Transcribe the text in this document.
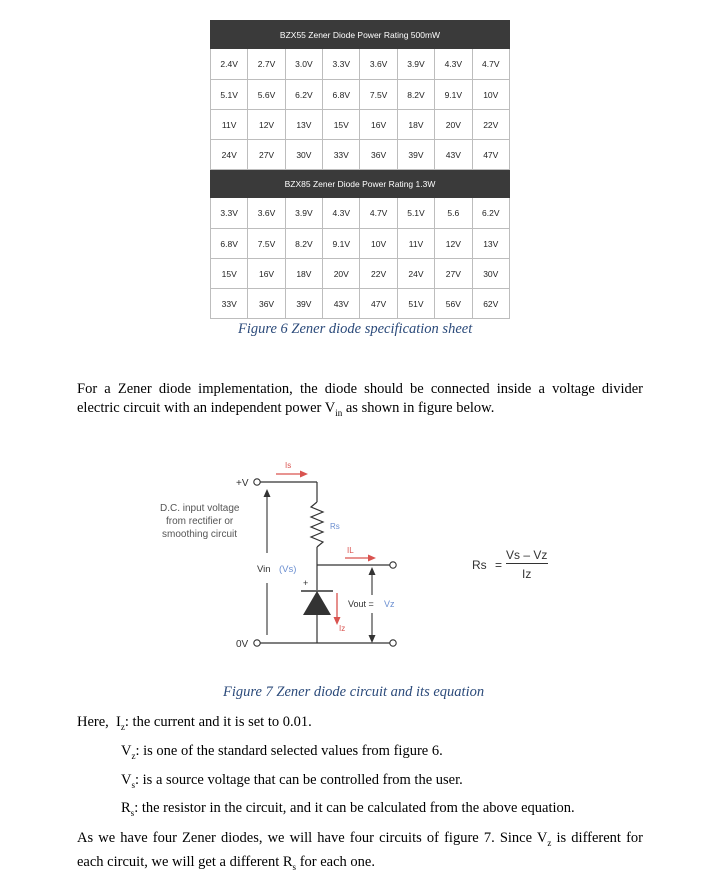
BZX55 Zener Diode Power Rating 500mW							
2.4V	2.7V	3.0V	3.3V	3.6V	3.9V	4.3V	4.7V
5.1V	5.6V	6.2V	6.8V	7.5V	8.2V	9.1V	10V
11V	12V	13V	15V	16V	18V	20V	22V
24V	27V	30V	33V	36V	39V	43V	47V
BZX85 Zener Diode Power Rating 1.3W							
3.3V	3.6V	3.9V	4.3V	4.7V	5.1V	5.6	6.2V
6.8V	7.5V	8.2V	9.1V	10V	11V	12V	13V
15V	16V	18V	20V	22V	24V	27V	30V
33V	36V	39V	43V	47V	51V	56V	62V
Figure 6 Zener diode specification sheet
For a Zener diode implementation, the diode should be connected inside a voltage divider electric circuit with an independent power $V_{in}$ as shown in figure below.
+V
Is
D.C. input voltage
from rectifier or
smoothing circuit
Vin (Vs)
Rs
IL
+
Iz
Vout = Vz
0V
Rs =
Vs – Vz
Iz
Figure 7 Zener diode circuit and its equation
Here, $I_z$: the current and it is set to 0.01.
$V_z$: is one of the standard selected values from figure 6.
$V_s$: is a source voltage that can be controlled from the user.
$R_s$: the resistor in the circuit, and it can be calculated from the above equation.
As we have four Zener diodes, we will have four circuits of figure 7. Since $V_z$ is different for each circuit, we will get a different $R_s$ for each one.
